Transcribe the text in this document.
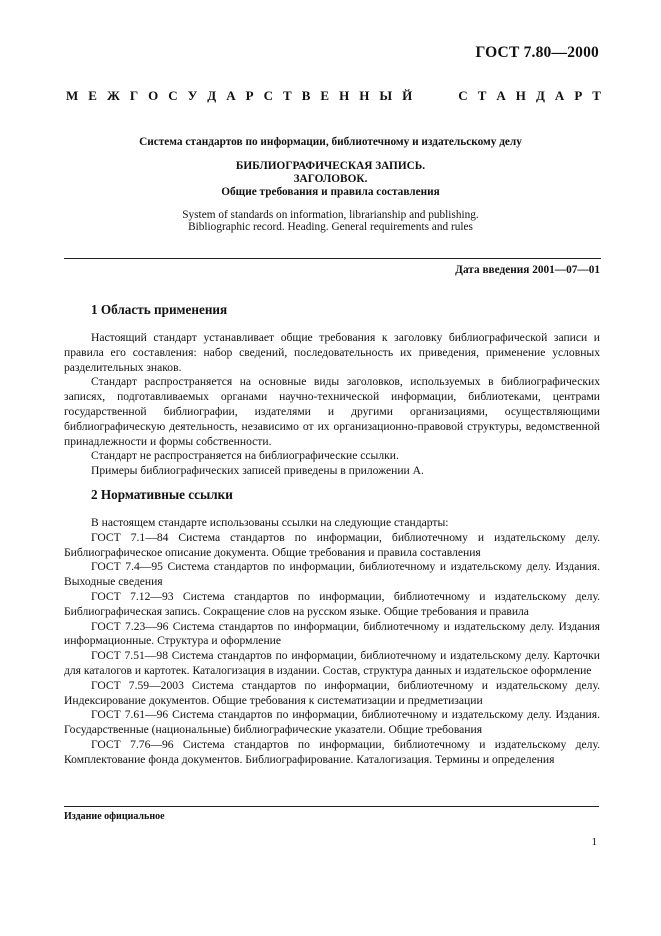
ГОСТ 7.80—2000
М Е Ж Г О С У Д А Р С Т В Е Н Н Ы Й	С Т А Н Д А Р Т
Система стандартов по информации, библиотечному и издательскому делу
БИБЛИОГРАФИЧЕСКАЯ ЗАПИСЬ.
ЗАГОЛОВОК.
Общие требования и правила составления
System of standards on information, librarianship and publishing.
Bibliographic record. Heading. General requirements and rules
Дата введения 2001—07—01
1 Область применения

Настоящий стандарт устанавливает общие требования к заголовку библиографической записи и правила его составления: набор сведений, последовательность их приведения, применение условных разделительных знаков.

Стандарт распространяется на основные виды заголовков, используемых в библиографических записях, подготавливаемых органами научно-технической информации, библиотеками, центрами государственной библиографии, издателями и другими организациями, осуществляющими библиографическую деятельность, независимо от их организационно-правовой структуры, ведомственной принадлежности и формы собственности.

Стандарт не распространяется на библиографические ссылки.

Примеры библиографических записей приведены в приложении А.

2 Нормативные ссылки

В настоящем стандарте использованы ссылки на следующие стандарты:

ГОСТ 7.1—84 Система стандартов по информации, библиотечному и издательскому делу. Библиографическое описание документа. Общие требования и правила составления

ГОСТ 7.4—95 Система стандартов по информации, библиотечному и издательскому делу. Издания. Выходные сведения

ГОСТ 7.12—93 Система стандартов по информации, библиотечному и издательскому делу. Библиографическая запись. Сокращение слов на русском языке. Общие требования и правила

ГОСТ 7.23—96 Система стандартов по информации, библиотечному и издательскому делу. Издания информационные. Структура и оформление

ГОСТ 7.51—98 Система стандартов по информации, библиотечному и издательскому делу. Карточки для каталогов и картотек. Каталогизация в издании. Состав, структура данных и издательское оформление

ГОСТ 7.59—2003 Система стандартов по информации, библиотечному и издательскому делу. Индексирование документов. Общие требования к систематизации и предметизации

ГОСТ 7.61—96 Система стандартов по информации, библиотечному и издательскому делу. Издания. Государственные (национальные) библиографические указатели. Общие требования

ГОСТ 7.76—96 Система стандартов по информации, библиотечному и издательскому делу. Комплектование фонда документов. Библиографирование. Каталогизация. Термины и определения

Издание официальное
1
